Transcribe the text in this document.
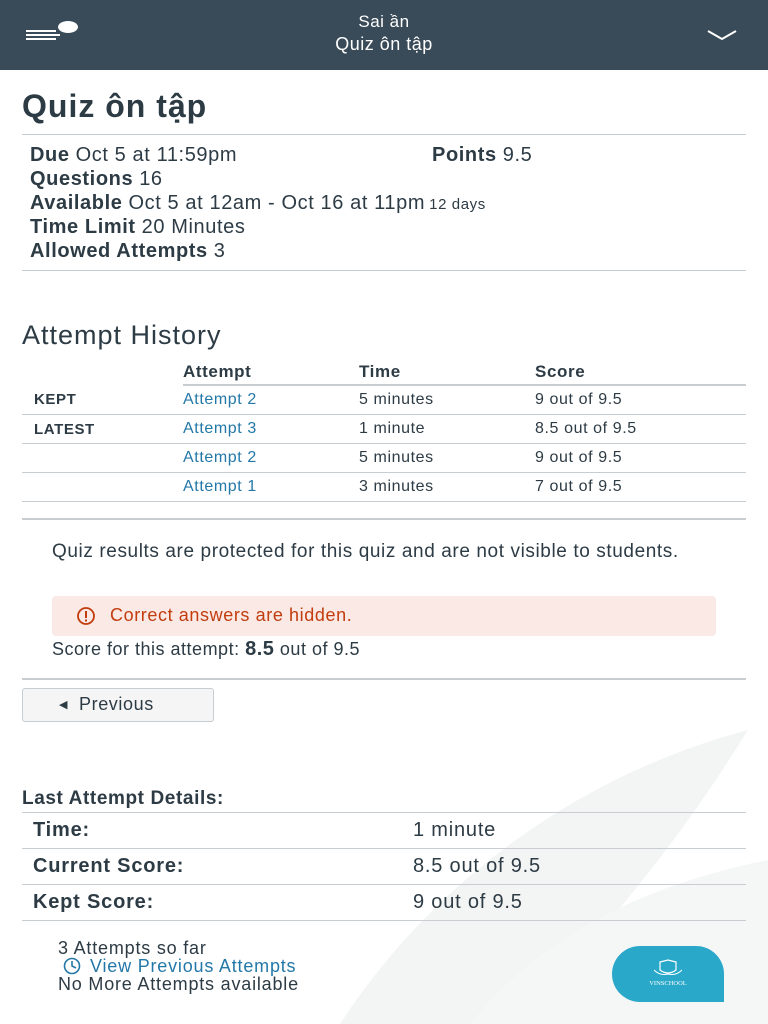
Sai ần
Quiz ôn tập
Quiz ôn tập
Due Oct 5 at 11:59pm	Points 9.5
Questions 16
Available Oct 5 at 12am - Oct 16 at 11pm 12 days
Time Limit 20 Minutes
Allowed Attempts 3
Attempt History
	Attempt	Time	Score
KEPT	Attempt 2	5 minutes	9 out of 9.5
LATEST	Attempt 3	1 minute	8.5 out of 9.5
	Attempt 2	5 minutes	9 out of 9.5
	Attempt 1	3 minutes	7 out of 9.5
Quiz results are protected for this quiz and are not visible to students.
Correct answers are hidden.
Score for this attempt: 8.5 out of 9.5
◀ Previous
Last Attempt Details:
Time:	1 minute
Current Score:	8.5 out of 9.5
Kept Score:	9 out of 9.5
3 Attempts so far
View Previous Attempts
No More Attempts available	VINSCHOOL
